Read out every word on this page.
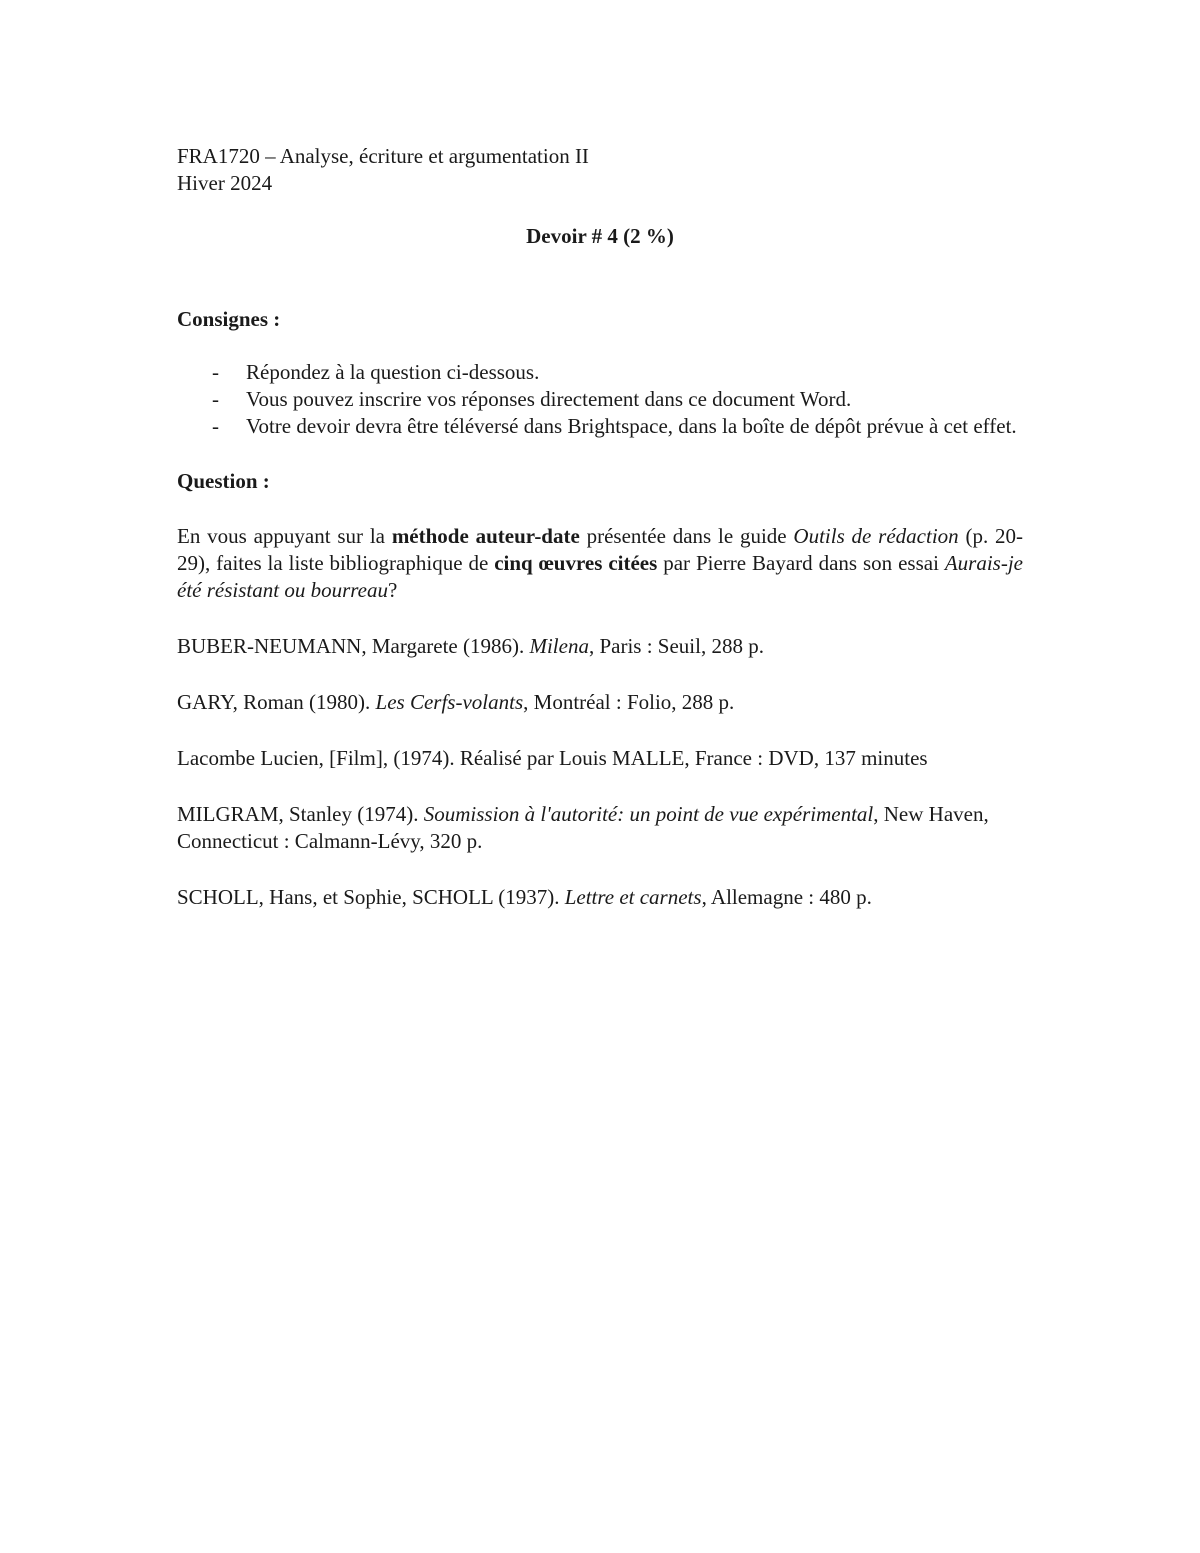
FRA1720 – Analyse, écriture et argumentation II
Hiver 2024
Devoir # 4 (2 %)
Consignes :
- Répondez à la question ci-dessous.
- Vous pouvez inscrire vos réponses directement dans ce document Word.
- Votre devoir devra être téléversé dans Brightspace, dans la boîte de dépôt prévue à cet effet.
Question :
En vous appuyant sur la méthode auteur-date présentée dans le guide Outils de rédaction (p. 20- 29), faites la liste bibliographique de cinq œuvres citées par Pierre Bayard dans son essai Aurais-je été résistant ou bourreau?
BUBER-NEUMANN, Margarete (1986). Milena, Paris : Seuil, 288 p.
GARY, Roman (1980). Les Cerfs-volants, Montréal : Folio, 288 p.
Lacombe Lucien, [Film], (1974). Réalisé par Louis MALLE, France : DVD, 137 minutes
MILGRAM, Stanley (1974). Soumission à l'autorité: un point de vue expérimental, New Haven, Connecticut : Calmann-Lévy, 320 p.
SCHOLL, Hans, et Sophie, SCHOLL (1937). Lettre et carnets, Allemagne : 480 p.
